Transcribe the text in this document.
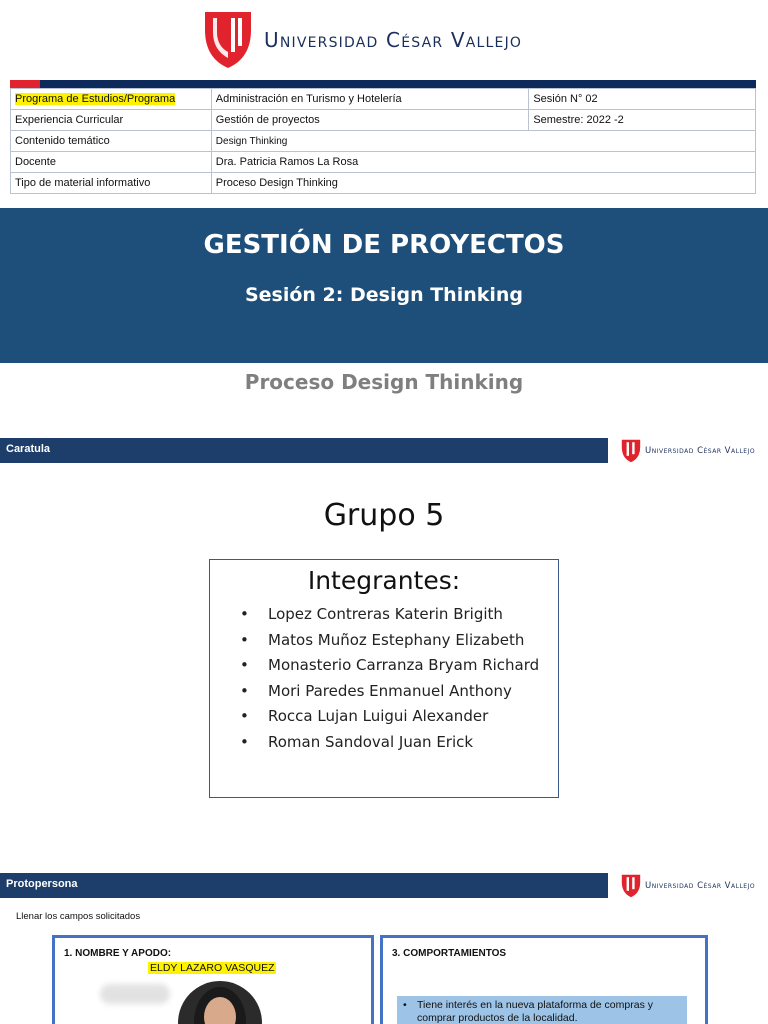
Universidad César Vallejo
Programa de Estudios/Programa	Administración en Turismo y Hotelería	Sesión N° 02
Experiencia Curricular	Gestión de proyectos	Semestre: 2022 -2
Contenido temático	Design Thinking	
Docente	Dra. Patricia Ramos La Rosa	
Tipo de material informativo	Proceso Design Thinking	
GESTIÓN DE PROYECTOS
Sesión 2: Design Thinking
Proceso Design Thinking
Caratula	Universidad César Vallejo
Grupo 5
Integrantes:
• Lopez Contreras Katerin Brigith
• Matos Muñoz Estephany Elizabeth
• Monasterio Carranza Bryam Richard
• Mori Paredes Enmanuel Anthony
• Rocca Lujan Luigui Alexander
• Roman Sandoval Juan Erick
Protopersona	Universidad César Vallejo
Llenar los campos solicitados
1. NOMBRE Y APODO:
ELDY LAZARO VASQUEZ
3. COMPORTAMIENTOS
• Tiene interés en la nueva plataforma de compras y comprar productos de la localidad.
